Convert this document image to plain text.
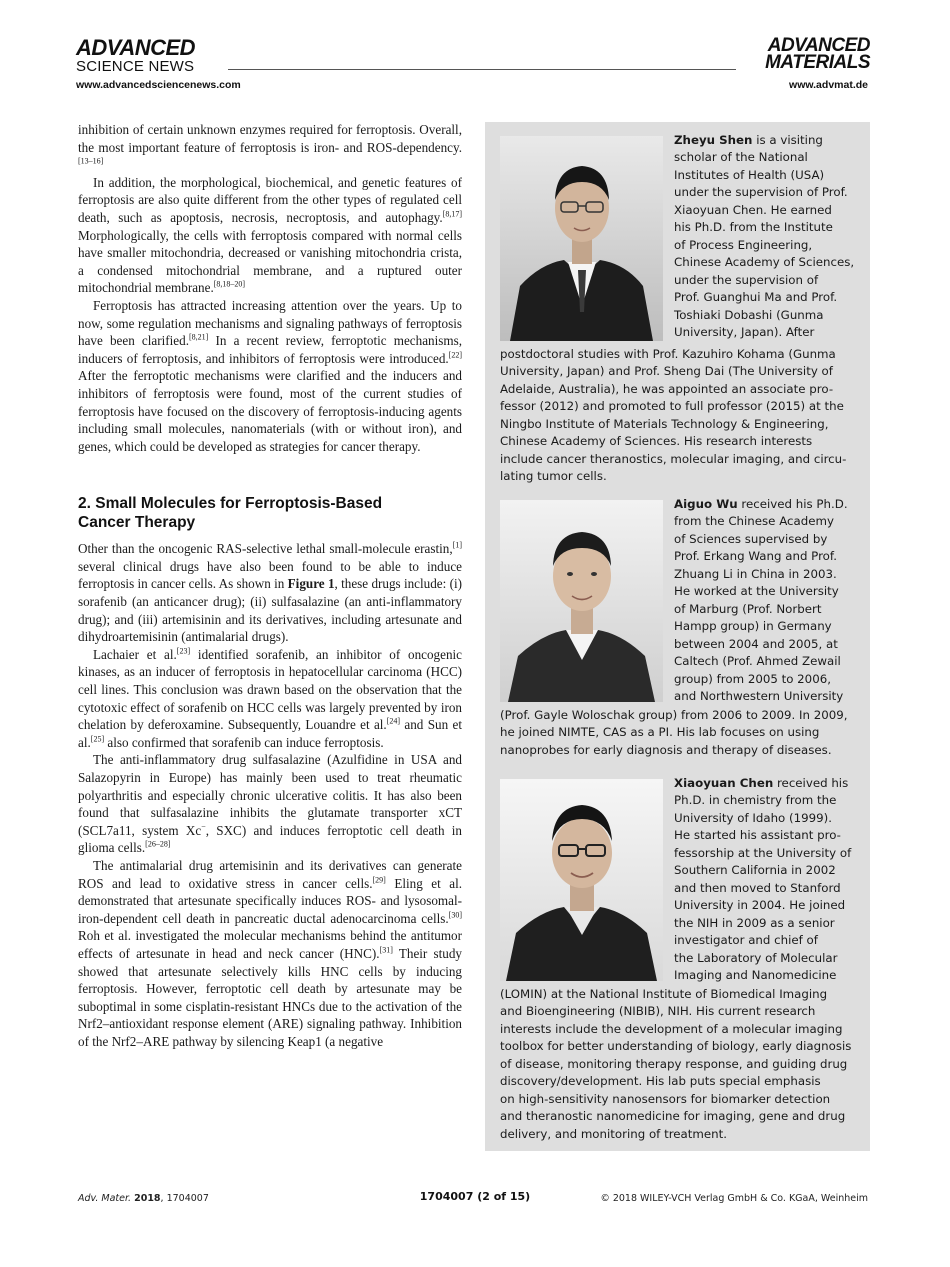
ADVANCED
SCIENCE NEWS
www.advancedsciencenews.com
ADVANCED
MATERIALS
www.advmat.de

inhibition of certain unknown enzymes required for ferroptosis. Overall, the most important feature of ferroptosis is iron- and ROS-dependency.[13–16]

In addition, the morphological, biochemical, and genetic features of ferroptosis are also quite different from the other types of regulated cell death, such as apoptosis, necrosis, necroptosis, and autophagy.[8,17] Morphologically, the cells with ferroptosis compared with normal cells have smaller mitochondria, decreased or vanishing mitochondria crista, a condensed mitochondrial membrane, and a ruptured outer mitochondrial membrane.[8,18–20]

Ferroptosis has attracted increasing attention over the years. Up to now, some regulation mechanisms and signaling pathways of ferroptosis have been clarified.[8,21] In a recent review, ferroptotic mechanisms, inducers of ferroptosis, and inhibitors of ferroptosis were introduced.[22] After the ferroptotic mechanisms were clarified and the inducers and inhibitors of ferroptosis were found, most of the current studies of ferroptosis have focused on the discovery of ferroptosis-inducing agents including small molecules, nanomaterials (with or without iron), and genes, which could be developed as strategies for cancer therapy.

2. Small Molecules for Ferroptosis-Based
Cancer Therapy

Other than the oncogenic RAS-selective lethal small-molecule erastin,[1] several clinical drugs have also been found to be able to induce ferroptosis in cancer cells. As shown in Figure 1, these drugs include: (i) sorafenib (an anticancer drug); (ii) sulfasalazine (an anti-inflammatory drug); and (iii) artemisinin and its derivatives, including artesunate and dihydroartemisinin (antimalarial drugs).

Lachaier et al.[23] identified sorafenib, an inhibitor of oncogenic kinases, as an inducer of ferroptosis in hepatocellular carcinoma (HCC) cell lines. This conclusion was drawn based on the observation that the cytotoxic effect of sorafenib on HCC cells was largely prevented by iron chelation by deferoxamine. Subsequently, Louandre et al.[24] and Sun et al.[25] also confirmed that sorafenib can induce ferroptosis.

The anti-inflammatory drug sulfasalazine (Azulfidine in USA and Salazopyrin in Europe) has mainly been used to treat rheumatic polyarthritis and especially chronic ulcerative colitis. It has also been found that sulfasalazine inhibits the glutamate transporter xCT (SCL7a11, system Xc−, SXC) and induces ferroptotic cell death in glioma cells.[26–28]

The antimalarial drug artemisinin and its derivatives can generate ROS and lead to oxidative stress in cancer cells.[29] Eling et al. demonstrated that artesunate specifically induces ROS- and lysosomal-iron-dependent cell death in pancreatic ductal adenocarcinoma cells.[30] Roh et al. investigated the molecular mechanisms behind the antitumor effects of artesunate in head and neck cancer (HNC).[31] Their study showed that artesunate selectively kills HNC cells by inducing ferroptosis. However, ferroptotic cell death by artesunate may be suboptimal in some cisplatin-resistant HNCs due to the activation of the Nrf2–antioxidant response element (ARE) signaling pathway. Inhibition of the Nrf2–ARE pathway by silencing Keap1 (a negative

Zheyu Shen is a visiting
scholar of the National
Institutes of Health (USA)
under the supervision of Prof.
Xiaoyuan Chen. He earned
his Ph.D. from the Institute
of Process Engineering,
Chinese Academy of Sciences,
under the supervision of
Prof. Guanghui Ma and Prof.
Toshiaki Dobashi (Gunma
University, Japan). After
postdoctoral studies with Prof. Kazuhiro Kohama (Gunma
University, Japan) and Prof. Sheng Dai (The University of
Adelaide, Australia), he was appointed an associate pro-
fessor (2012) and promoted to full professor (2015) at the
Ningbo Institute of Materials Technology & Engineering,
Chinese Academy of Sciences. His research interests
include cancer theranostics, molecular imaging, and circu-
lating tumor cells.
Aiguo Wu received his Ph.D.
from the Chinese Academy
of Sciences supervised by
Prof. Erkang Wang and Prof.
Zhuang Li in China in 2003.
He worked at the University
of Marburg (Prof. Norbert
Hampp group) in Germany
between 2004 and 2005, at
Caltech (Prof. Ahmed Zewail
group) from 2005 to 2006,
and Northwestern University
(Prof. Gayle Woloschak group) from 2006 to 2009. In 2009,
he joined NIMTE, CAS as a PI. His lab focuses on using
nanoprobes for early diagnosis and therapy of diseases.
Xiaoyuan Chen received his
Ph.D. in chemistry from the
University of Idaho (1999).
He started his assistant pro-
fessorship at the University of
Southern California in 2002
and then moved to Stanford
University in 2004. He joined
the NIH in 2009 as a senior
investigator and chief of
the Laboratory of Molecular
Imaging and Nanomedicine
(LOMIN) at the National Institute of Biomedical Imaging
and Bioengineering (NIBIB), NIH. His current research
interests include the development of a molecular imaging
toolbox for better understanding of biology, early diagnosis
of disease, monitoring therapy response, and guiding drug
discovery/development. His lab puts special emphasis
on high-sensitivity nanosensors for biomarker detection
and theranostic nanomedicine for imaging, gene and drug
delivery, and monitoring of treatment.
Adv. Mater. 2018, 1704007	1704007 (2 of 15)	© 2018 WILEY-VCH Verlag GmbH & Co. KGaA, Weinheim
